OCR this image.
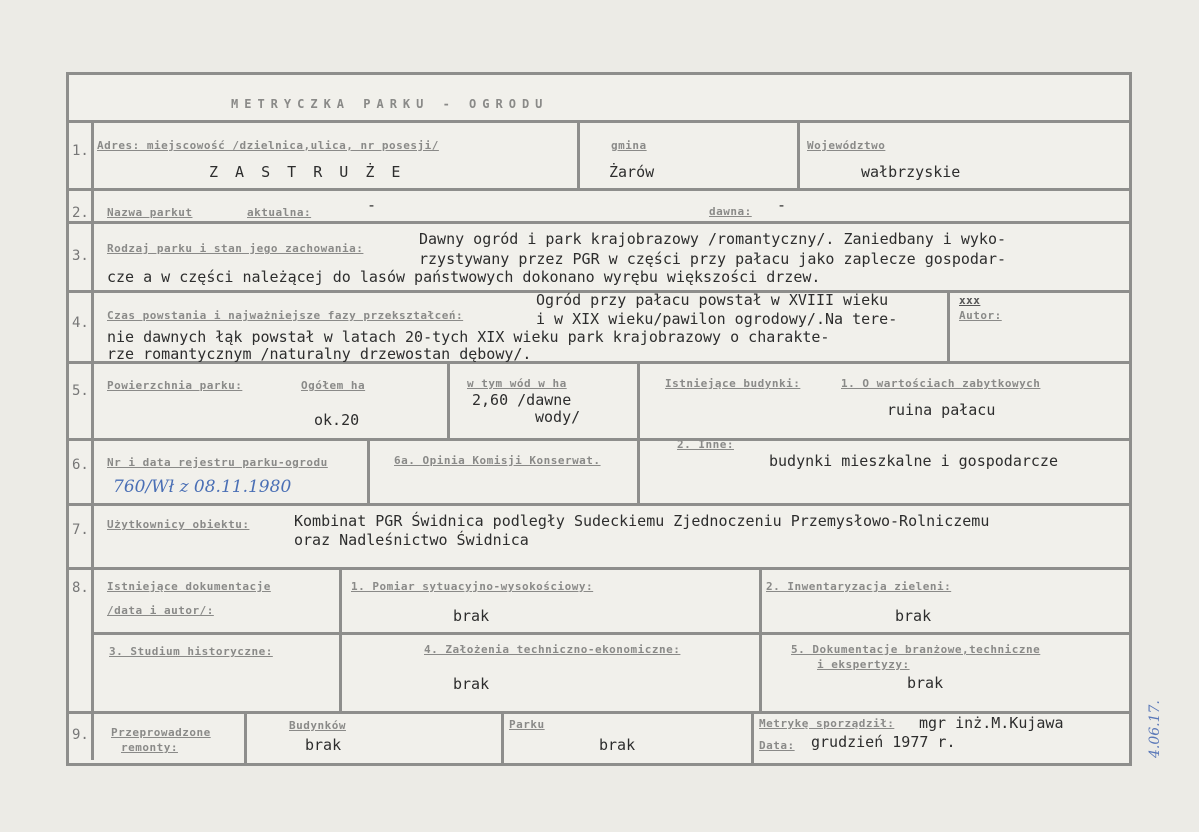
METRYCZKA PARKU - OGRODU
1. Adres: miejscowość /dzielnica,ulica, nr posesji/
Z A S T R U Ż E
gmina
Żarów
Województwo
wałbrzyskie
2. Nazwa parkut	aktualna:	-	dawna: -
3. Rodzaj parku i stan jego zachowania:
Dawny ogród i park krajobrazowy /romantyczny/. Zaniedbany i wyko-
rzystywany przez PGR w części przy pałacu jako zaplecze gospodar-
cze a w części należącej do lasów państwowych dokonano wyrębu większości drzew.
4. Czas powstania i najważniejsze fazy przekształceń:
Ogród przy pałacu powstał w XVIII wieku
i w XIX wieku/pawilon ogrodowy/.Na tere-
nie dawnych łąk powstał w latach 20-tych XIX wieku park krajobrazowy o charakte-
rze romantycznym /naturalny drzewostan dębowy/.
xxx
Autor:
5. Powierzchnia parku:	Ogółem ha
ok.20
w tym wód w ha
2,60 /dawne
wody/
Istniejące budynki:	1. O wartościach zabytkowych
ruina pałacu
6. Nr i data rejestru parku-ogrodu
760/Wł z 08.11.1980
6a. Opinia Komisji Konserwat.
2. Inne:
budynki mieszkalne i gospodarcze
7. Użytkownicy obiektu:	Kombinat PGR Świdnica podległy Sudeckiemu Zjednoczeniu Przemysłowo-Rolniczemu
oraz Nadleśnictwo Świdnica
8. Istniejące dokumentacje
/data i autor/:
1. Pomiar sytuacyjno-wysokościowy:
brak
2. Inwentaryzacja zieleni:
brak
3. Studium historyczne:	4. Założenia techniczno-ekonomiczne:
brak
5. Dokumentacje branżowe,techniczne
i ekspertyzy:
brak
9. Przeprowadzone
remonty:
Budynków
brak
Parku
brak
Metrykę sporządził: mgr inż.M.Kujawa
Data: grudzień 1977 r.	4.06.17.
